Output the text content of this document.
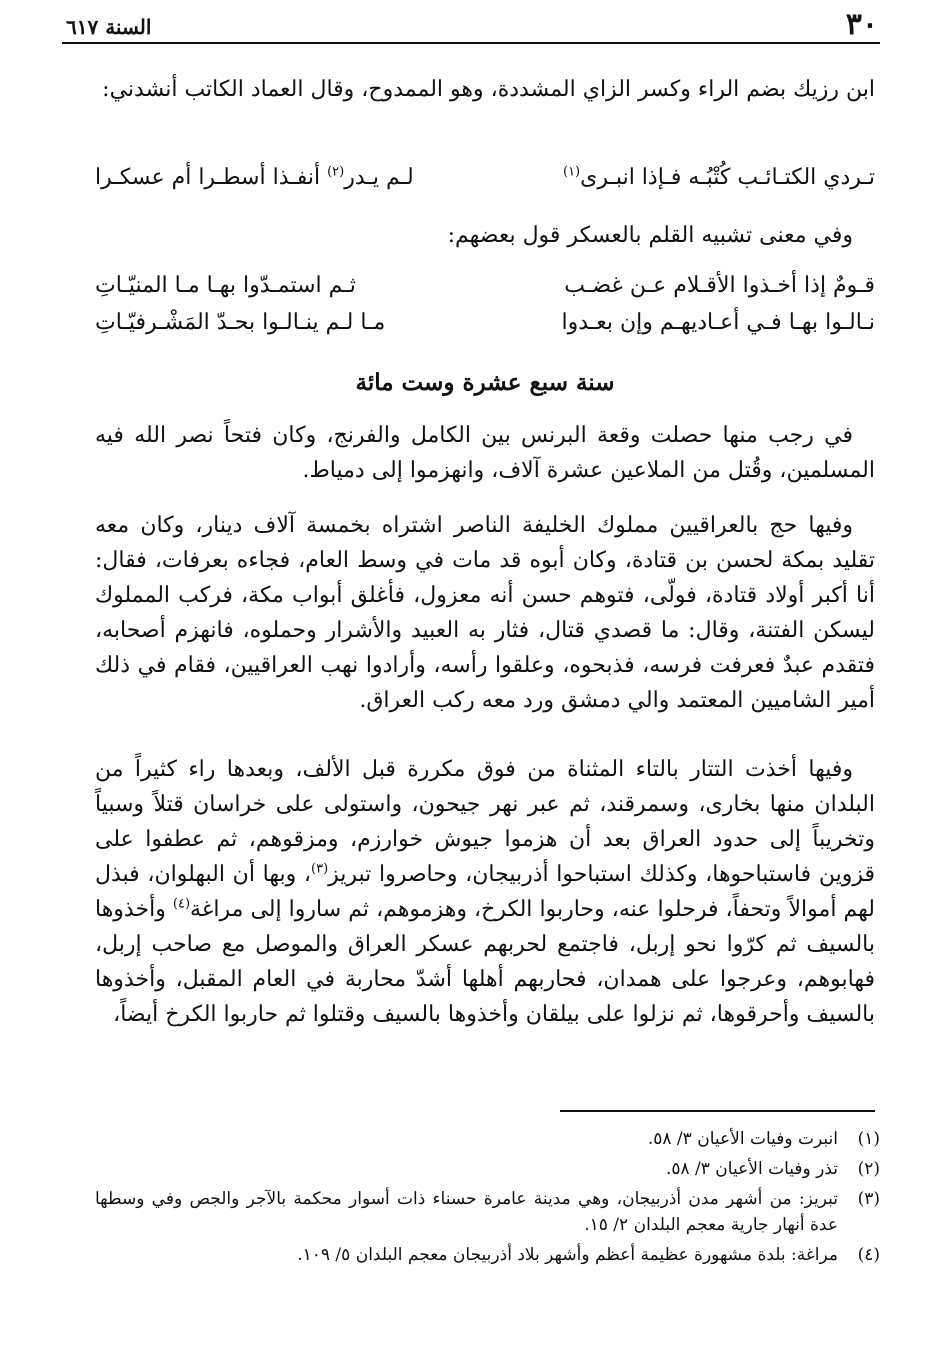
٣٠
السنة ٦١٧

ابن رزيك بضم الراء وكسر الزاي المشددة، وهو الممدوح، وقال العماد الكاتب أنشدني:

تـردي الكتـائـب كُتْبُـه فـإذا انبـرى$^{(١)}$
لـم يـدر$^{(٢)}$ أنفـذا أسطـرا أم عسكـرا

وفي معنى تشبيه القلم بالعسكر قول بعضهم:

قـومٌ إذا أخـذوا الأقـلام عـن غضـب
ثـم استمـدّوا بهـا مـا المنيّـاتِ
نـالـوا بهـا فـي أعـاديهـم وإن بعـدوا
مـا لـم ينـالـوا بحـدّ المَشْـرفيّـاتِ
سنة سبع عشرة وست مائة

في رجب منها حصلت وقعة البرنس بين الكامل والفرنج، وكان فتحاً نصر الله فيه المسلمين، وقُتل من الملاعين عشرة آلاف، وانهزموا إلى دمياط.

وفيها حج بالعراقيين مملوك الخليفة الناصر اشتراه بخمسة آلاف دينار، وكان معه تقليد بمكة لحسن بن قتادة، وكان أبوه قد مات في وسط العام، فجاءه بعرفات، فقال: أنا أكبر أولاد قتادة، فولّى، فتوهم حسن أنه معزول، فأغلق أبواب مكة، فركب المملوك ليسكن الفتنة، وقال: ما قصدي قتال، فثار به العبيد والأشرار وحملوه، فانهزم أصحابه، فتقدم عبدٌ فعرفت فرسه، فذبحوه، وعلقوا رأسه، وأرادوا نهب العراقيين، فقام في ذلك أمير الشاميين المعتمد والي دمشق ورد معه ركب العراق.

وفيها أخذت التتار بالتاء المثناة من فوق مكررة قبل الألف، وبعدها راء كثيراً من البلدان منها بخارى، وسمرقند، ثم عبر نهر جيحون، واستولى على خراسان قتلاً وسبياً وتخريباً إلى حدود العراق بعد أن هزموا جيوش خوارزم، ومزقوهم، ثم عطفوا على قزوين فاستباحوها، وكذلك استباحوا أذربيجان، وحاصروا تبريز$^{(٣)}$، وبها أن البهلوان، فبذل لهم أموالاً وتحفاً، فرحلوا عنه، وحاربوا الكرخ، وهزموهم، ثم ساروا إلى مراغة$^{(٤)}$ وأخذوها بالسيف ثم كرّوا نحو إربل، فاجتمع لحربهم عسكر العراق والموصل مع صاحب إربل، فهابوهم، وعرجوا على همدان، فحاربهم أهلها أشدّ محاربة في العام المقبل، وأخذوها بالسيف وأحرقوها، ثم نزلوا على بيلقان وأخذوها بالسيف وقتلوا ثم حاربوا الكرخ أيضاً،

(١)
انبرت وفيات الأعيان ٣/ ٥٨.
(٢)
تذر وفيات الأعيان ٣/ ٥٨.
(٣)
تبريز: من أشهر مدن أذربيجان، وهي مدينة عامرة حسناء ذات أسوار محكمة بالآجر والجص وفي وسطها عدة أنهار جارية معجم البلدان ٢/ ١٥.
(٤)
مراغة: بلدة مشهورة عظيمة أعظم وأشهر بلاد أذربيجان معجم البلدان ٥/ ١٠٩.
